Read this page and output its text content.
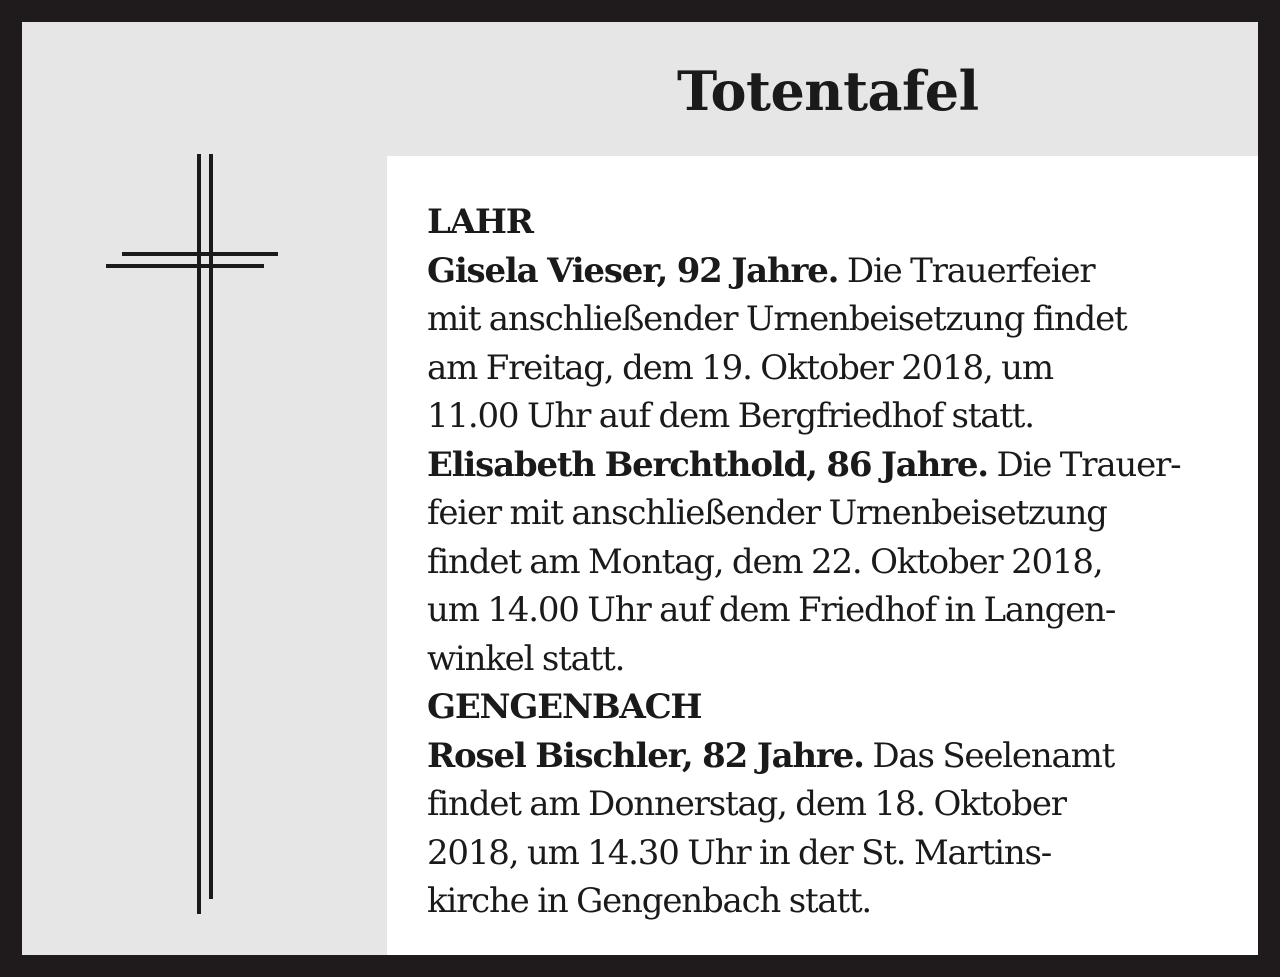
Totentafel
LAHR
Gisela Vieser, 92 Jahre. Die Trauerfeier
mit anschließender Urnenbeisetzung findet
am Freitag, dem 19. Oktober 2018, um
11.00 Uhr auf dem Bergfriedhof statt.
Elisabeth Berchthold, 86 Jahre. Die Trauer-
feier mit anschließender Urnenbeisetzung
findet am Montag, dem 22. Oktober 2018,
um 14.00 Uhr auf dem Friedhof in Langen-
winkel statt.
GENGENBACH
Rosel Bischler, 82 Jahre. Das Seelenamt
findet am Donnerstag, dem 18. Oktober
2018, um 14.30 Uhr in der St. Martins-
kirche in Gengenbach statt.
